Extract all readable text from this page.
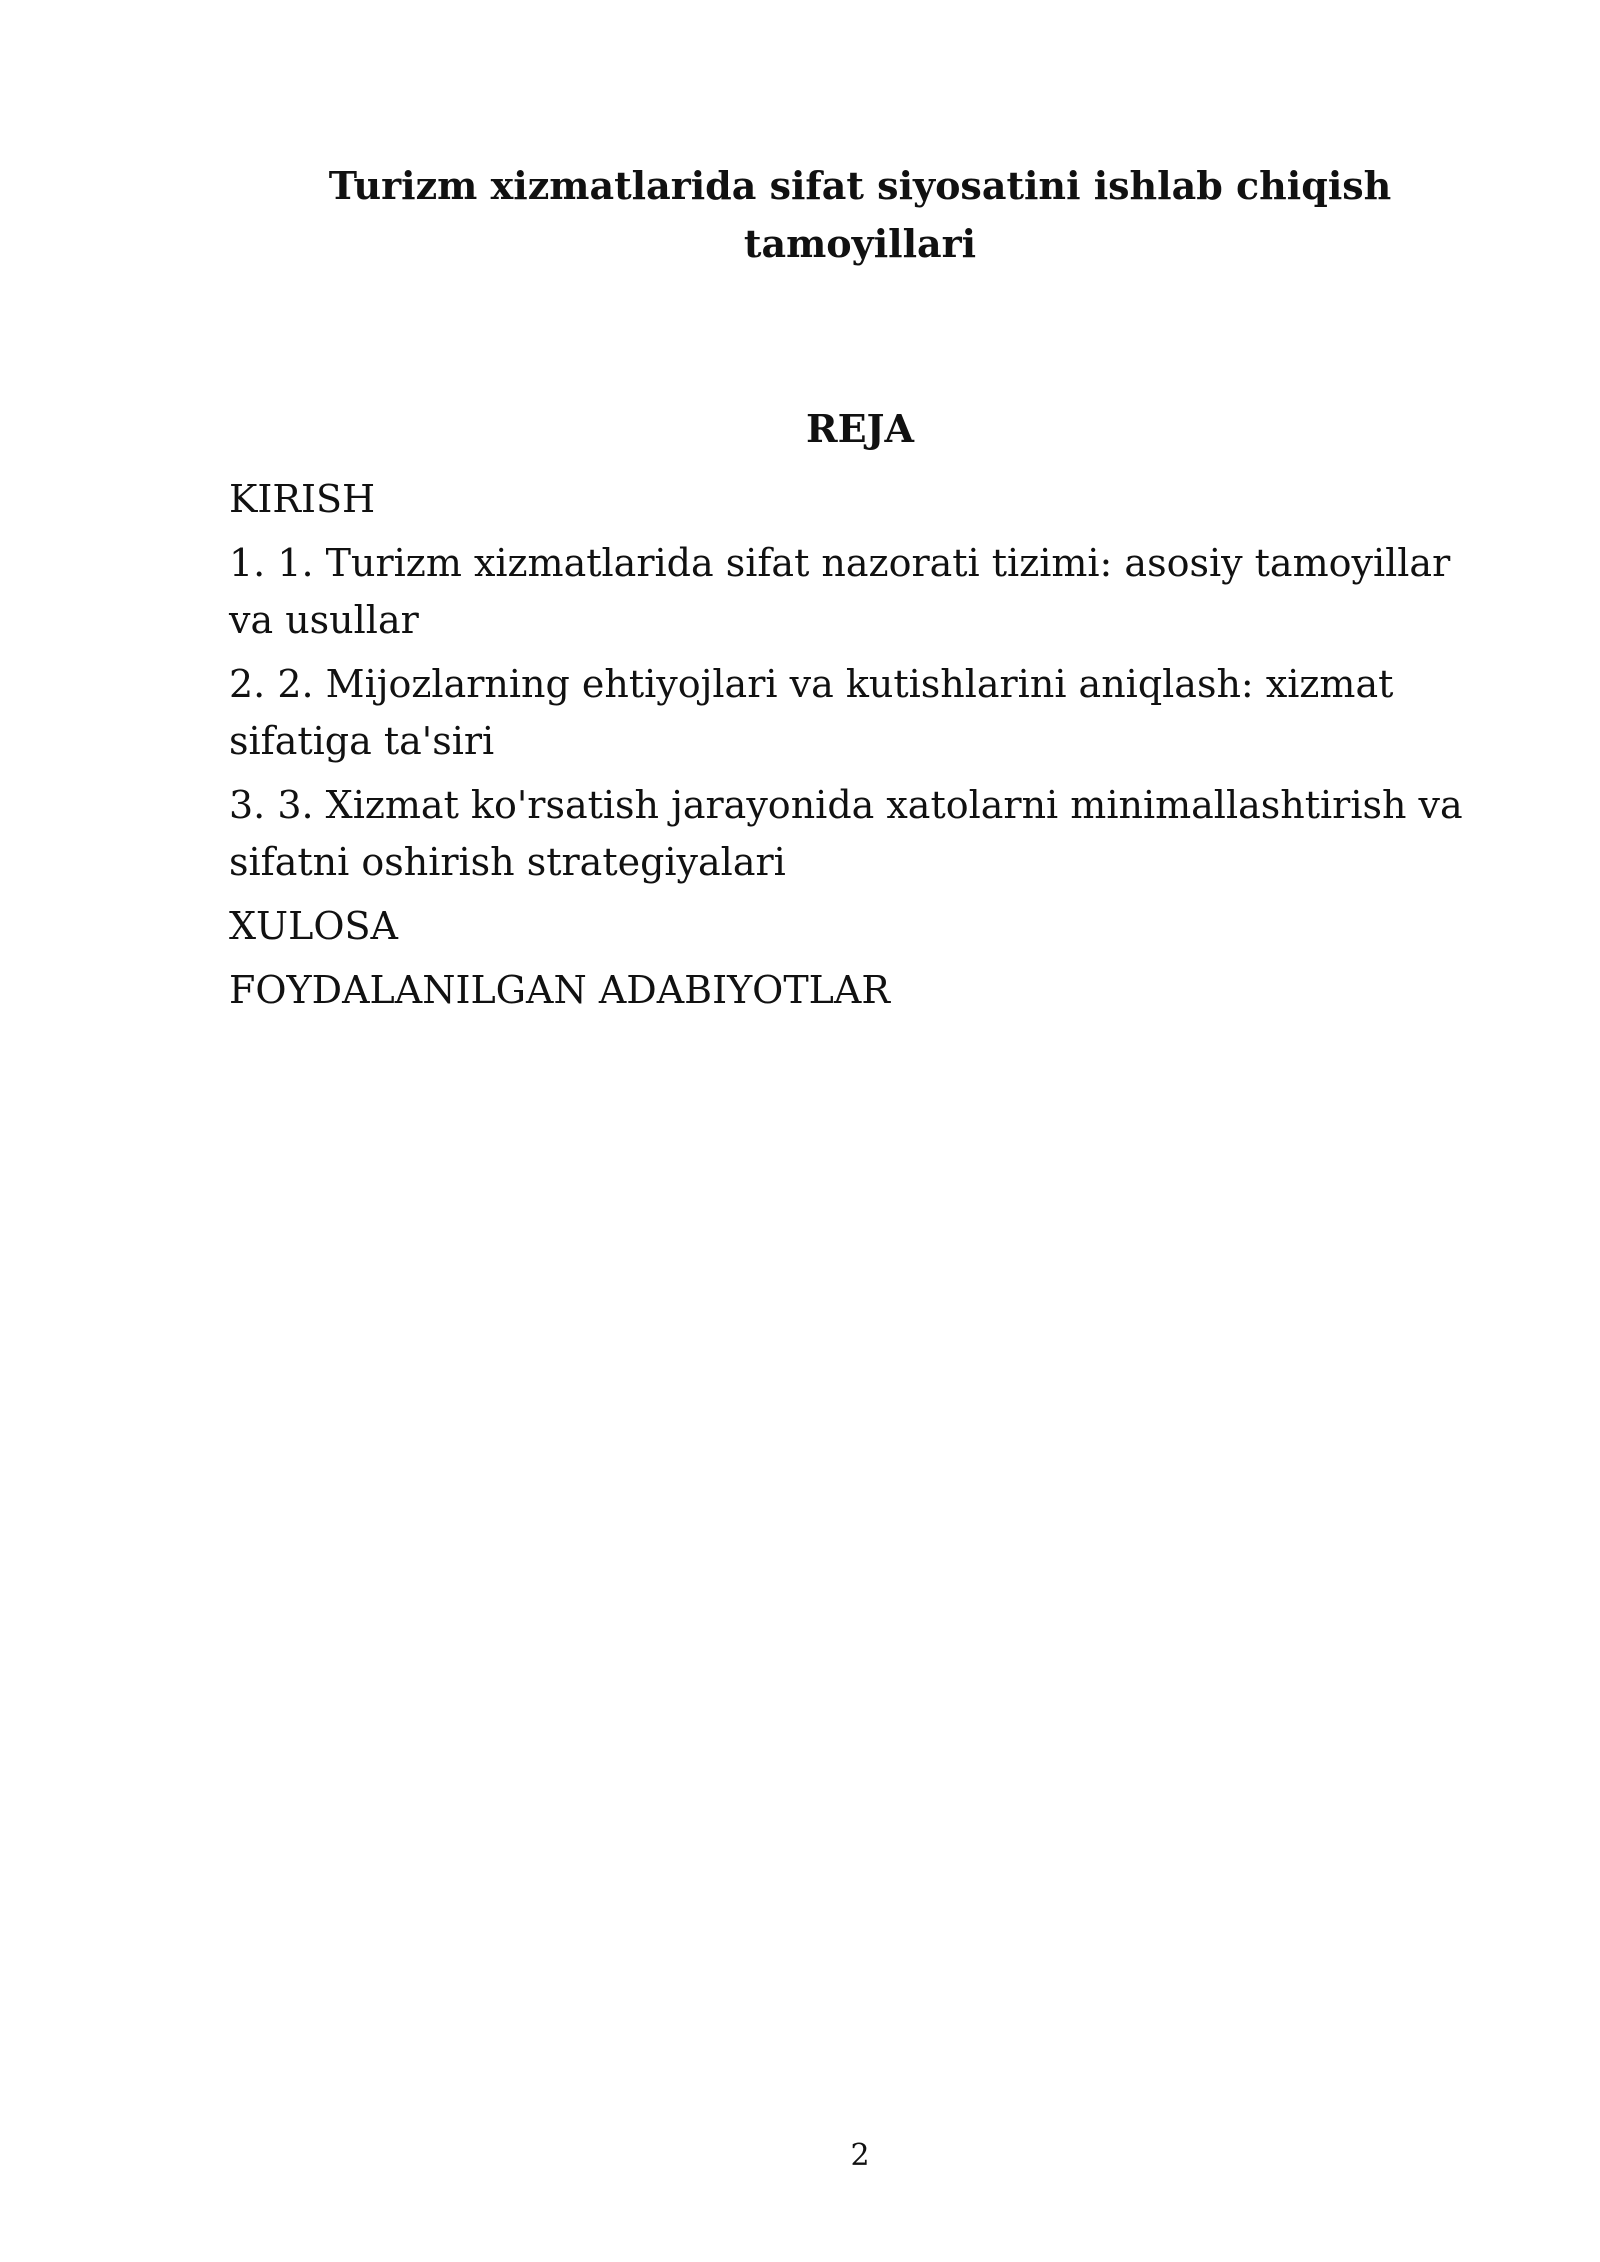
Turizm xizmatlarida sifat siyosatini ishlab chiqish
tamoyillari
REJA
KIRISH
1. 1. Turizm xizmatlarida sifat nazorati tizimi: asosiy tamoyillar va usullar
2. 2. Mijozlarning ehtiyojlari va kutishlarini aniqlash: xizmat sifatiga ta'siri
3. 3. Xizmat ko'rsatish jarayonida xatolarni minimallashtirish va sifatni oshirish strategiyalari
XULOSA
FOYDALANILGAN ADABIYOTLAR
2
